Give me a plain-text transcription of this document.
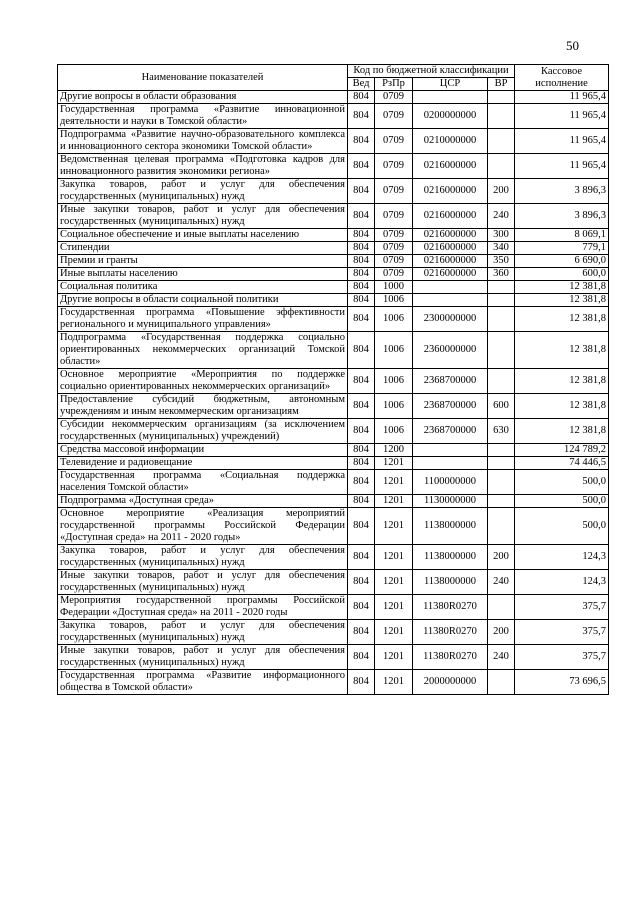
50
Наименование показателей	Код по бюджетной классификации				Кассовое исполнение
	Вед	РзПр	ЦСР	ВР	
Другие вопросы в области образования	804	0709			11 965,4
Государственная программа «Развитие инновационной деятельности и науки в Томской области»	804	0709	0200000000		11 965,4
Подпрограмма «Развитие научно-образовательного комплекса и инновационного сектора экономики Томской области»	804	0709	0210000000		11 965,4
Ведомственная целевая программа «Подготовка кадров для инновационного развития экономики региона»	804	0709	0216000000		11 965,4
Закупка товаров, работ и услуг для обеспечения государственных (муниципальных) нужд	804	0709	0216000000	200	3 896,3
Иные закупки товаров, работ и услуг для обеспечения государственных (муниципальных) нужд	804	0709	0216000000	240	3 896,3
Социальное обеспечение и иные выплаты населению	804	0709	0216000000	300	8 069,1
Стипендии	804	0709	0216000000	340	779,1
Премии и гранты	804	0709	0216000000	350	6 690,0
Иные выплаты населению	804	0709	0216000000	360	600,0
Социальная политика	804	1000			12 381,8
Другие вопросы в области социальной политики	804	1006			12 381,8
Государственная программа «Повышение эффективности регионального и муниципального управления»	804	1006	2300000000		12 381,8
Подпрограмма «Государственная поддержка социально ориентированных некоммерческих организаций Томской области»	804	1006	2360000000		12 381,8
Основное мероприятие «Мероприятия по поддержке социально ориентированных некоммерческих организаций»	804	1006	2368700000		12 381,8
Предоставление субсидий бюджетным, автономным учреждениям и иным некоммерческим организациям	804	1006	2368700000	600	12 381,8
Субсидии некоммерческим организациям (за исключением государственных (муниципальных) учреждений)	804	1006	2368700000	630	12 381,8
Средства массовой информации	804	1200			124 789,2
Телевидение и радиовещание	804	1201			74 446,5
Государственная программа «Социальная поддержка населения Томской области»	804	1201	1100000000		500,0
Подпрограмма «Доступная среда»	804	1201	1130000000		500,0
Основное мероприятие «Реализация мероприятий государственной программы Российской Федерации «Доступная среда» на 2011 - 2020 годы»	804	1201	1138000000		500,0
Закупка товаров, работ и услуг для обеспечения государственных (муниципальных) нужд	804	1201	1138000000	200	124,3
Иные закупки товаров, работ и услуг для обеспечения государственных (муниципальных) нужд	804	1201	1138000000	240	124,3
Мероприятия государственной программы Российской Федерации «Доступная среда» на 2011 - 2020 годы	804	1201	11380R0270		375,7
Закупка товаров, работ и услуг для обеспечения государственных (муниципальных) нужд	804	1201	11380R0270	200	375,7
Иные закупки товаров, работ и услуг для обеспечения государственных (муниципальных) нужд	804	1201	11380R0270	240	375,7
Государственная программа «Развитие информационного общества в Томской области»	804	1201	2000000000		73 696,5
